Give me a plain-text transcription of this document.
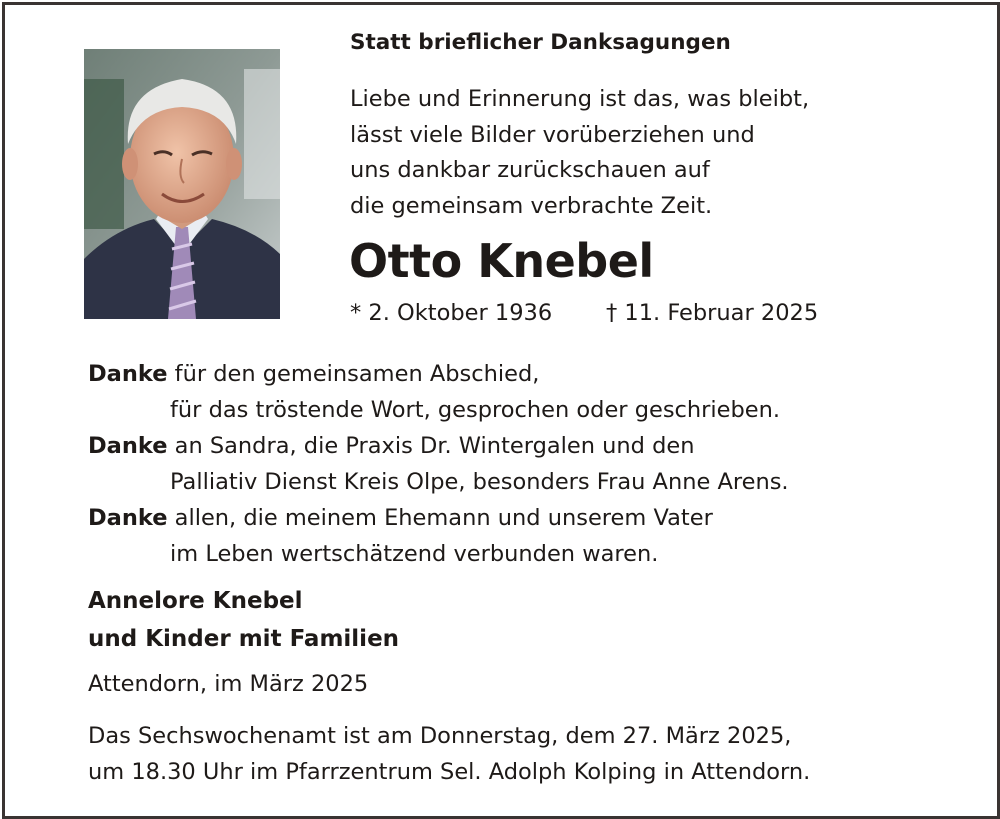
Statt brieflicher Danksagungen
Liebe und Erinnerung ist das, was bleibt,
lässt viele Bilder vorüberziehen und
uns dankbar zurückschauen auf
die gemeinsam verbrachte Zeit.
Otto Knebel
* 2. Oktober 1936 † 11. Februar 2025
Danke für den gemeinsamen Abschied,
für das tröstende Wort, gesprochen oder geschrieben.
Danke an Sandra, die Praxis Dr. Wintergalen und den
Palliativ Dienst Kreis Olpe, besonders Frau Anne Arens.
Danke allen, die meinem Ehemann und unserem Vater
im Leben wertschätzend verbunden waren.
Annelore Knebel
und Kinder mit Familien
Attendorn, im März 2025
Das Sechswochenamt ist am Donnerstag, dem 27. März 2025,
um 18.30 Uhr im Pfarrzentrum Sel. Adolph Kolping in Attendorn.
